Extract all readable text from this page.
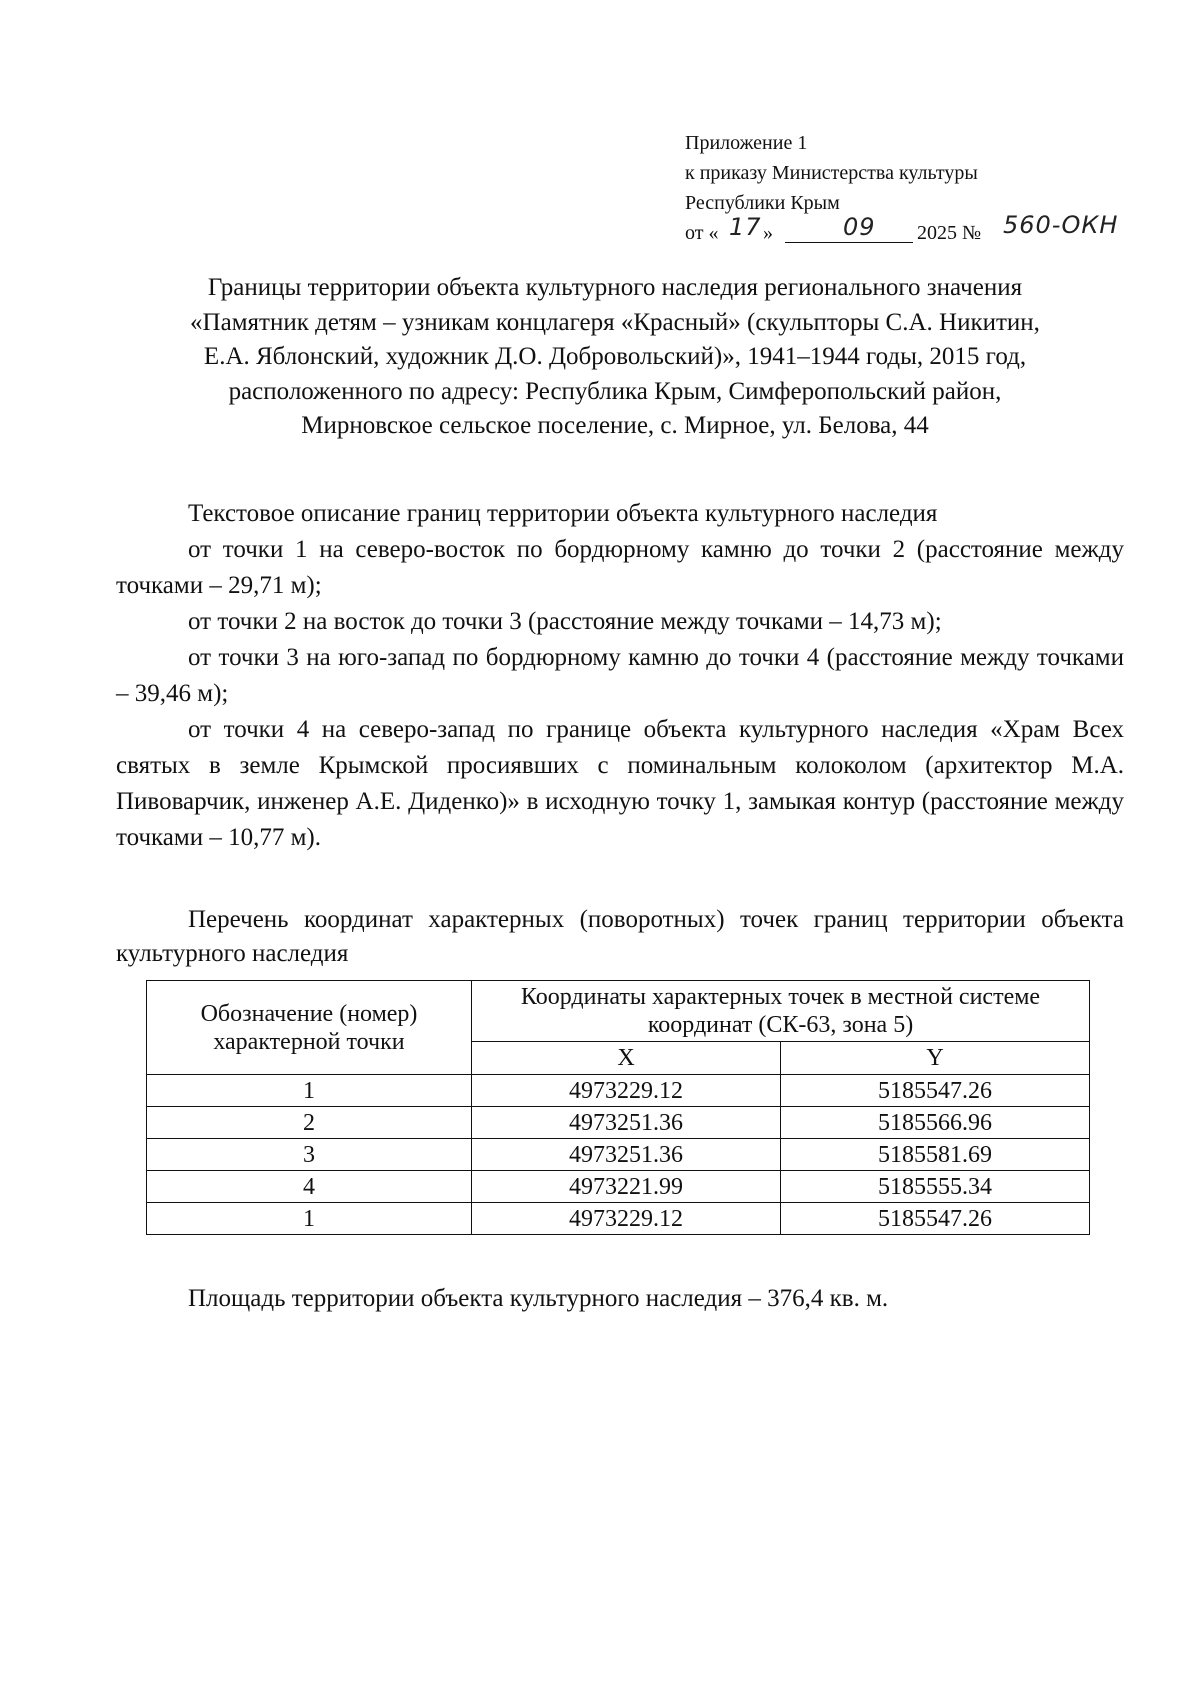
Приложение 1
к приказу Министерства культуры
Республики Крым
от « 17 »	09 2025 № 560-ОКН

Границы территории объекта культурного наследия регионального значения

«Памятник детям – узникам концлагеря «Красный» (скульпторы С.А. Никитин,

Е.А. Яблонский, художник Д.О. Добровольский)», 1941–1944 годы, 2015 год,

расположенного по адресу: Республика Крым, Симферопольский район,

Мирновское сельское поселение, с. Мирное, ул. Белова, 44

Текстовое описание границ территории объекта культурного наследия

от точки 1 на северо-восток по бордюрному камню до точки 2 (расстояние между точками – 29,71 м);

от точки 2 на восток до точки 3 (расстояние между точками – 14,73 м);

от точки 3 на юго-запад по бордюрному камню до точки 4 (расстояние между точками – 39,46 м);

от точки 4 на северо-запад по границе объекта культурного наследия «Храм Всех святых в земле Крымской просиявших с поминальным колоколом (архитектор М.А. Пивоварчик, инженер А.Е. Диденко)» в исходную точку 1, замыкая контур (расстояние между точками – 10,77 м).

Перечень координат характерных (поворотных) точек границ территории объекта культурного наследия

Обозначение (номер) характерной точки	Координаты характерных точек в местной системе координат (СК-63, зона 5)	
	X	Y
1	4973229.12	5185547.26
2	4973251.36	5185566.96
3	4973251.36	5185581.69
4	4973221.99	5185555.34
1	4973229.12	5185547.26

Площадь территории объекта культурного наследия – 376,4 кв. м.
